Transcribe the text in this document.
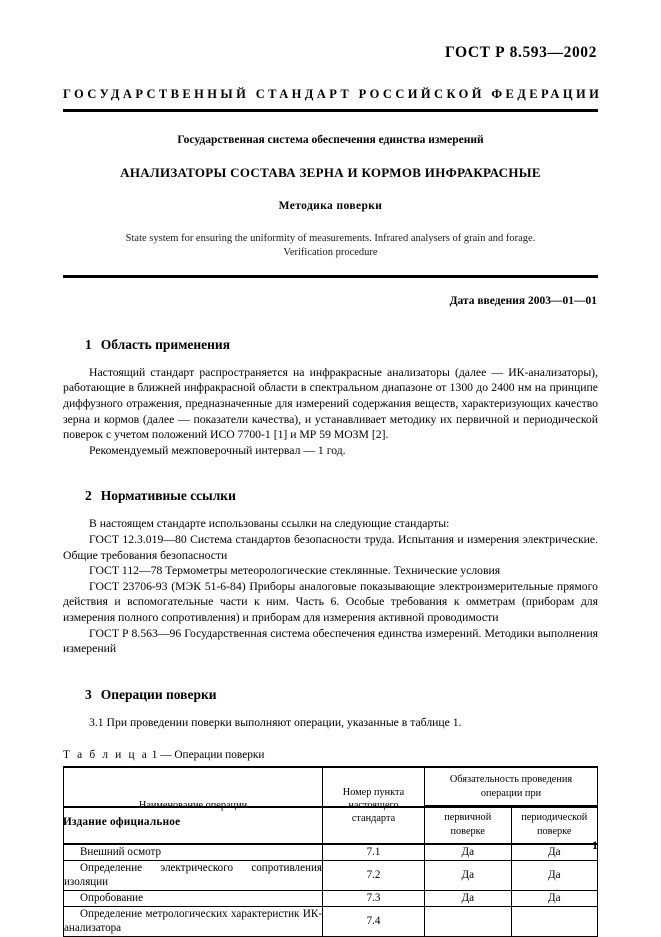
ГОСТ Р 8.593—2002
ГОСУДАРСТВЕННЫЙ СТАНДАРТ РОССИЙСКОЙ ФЕДЕРАЦИИ
Государственная система обеспечения единства измерений
АНАЛИЗАТОРЫ СОСТАВА ЗЕРНА И КОРМОВ ИНФРАКРАСНЫЕ
Методика поверки
State system for ensuring the uniformity of measurements. Infrared analysers of grain and forage.
Verification procedure
Дата введения 2003—01—01
1 Область применения

Настоящий стандарт распространяется на инфракрасные анализаторы (далее — ИК-анализаторы), работающие в ближней инфракрасной области в спектральном диапазоне от 1300 до 2400 нм на принципе диффузного отражения, предназначенные для измерений содержания веществ, характеризующих качество зерна и кормов (далее — показатели качества), и устанавливает методику их первичной и периодической поверок с учетом положений ИСО 7700-1 [1] и МР 59 МОЗМ [2].

Рекомендуемый межповерочный интервал — 1 год.

2 Нормативные ссылки

В настоящем стандарте использованы ссылки на следующие стандарты:

ГОСТ 12.3.019—80 Система стандартов безопасности труда. Испытания и измерения электрические. Общие требования безопасности

ГОСТ 112—78 Термометры метеорологические стеклянные. Технические условия

ГОСТ 23706-93 (МЭК 51-6-84) Приборы аналоговые показывающие электроизмерительные прямого действия и вспомогательные части к ним. Часть 6. Особые требования к омметрам (приборам для измерения полного сопротивления) и приборам для измерения активной проводимости

ГОСТ Р 8.563—96 Государственная система обеспечения единства измерений. Методики выполнения измерений

3 Операции поверки

3.1 При проведении поверки выполняют операции, указанные в таблице 1.

Т а б л и ц а 1 — Операции поверки
Наименование операции	Номер пункта настоящего стандарта	Обязательность проведения операции при	
		первичной поверке	периодической поверке
Внешний осмотр	7.1	Да	Да
Определение электрического сопротивления изоляции	7.2	Да	Да
Опробование	7.3	Да	Да
Определение метрологических характеристик ИК-анализатора	7.4		
Издание официальное
1
